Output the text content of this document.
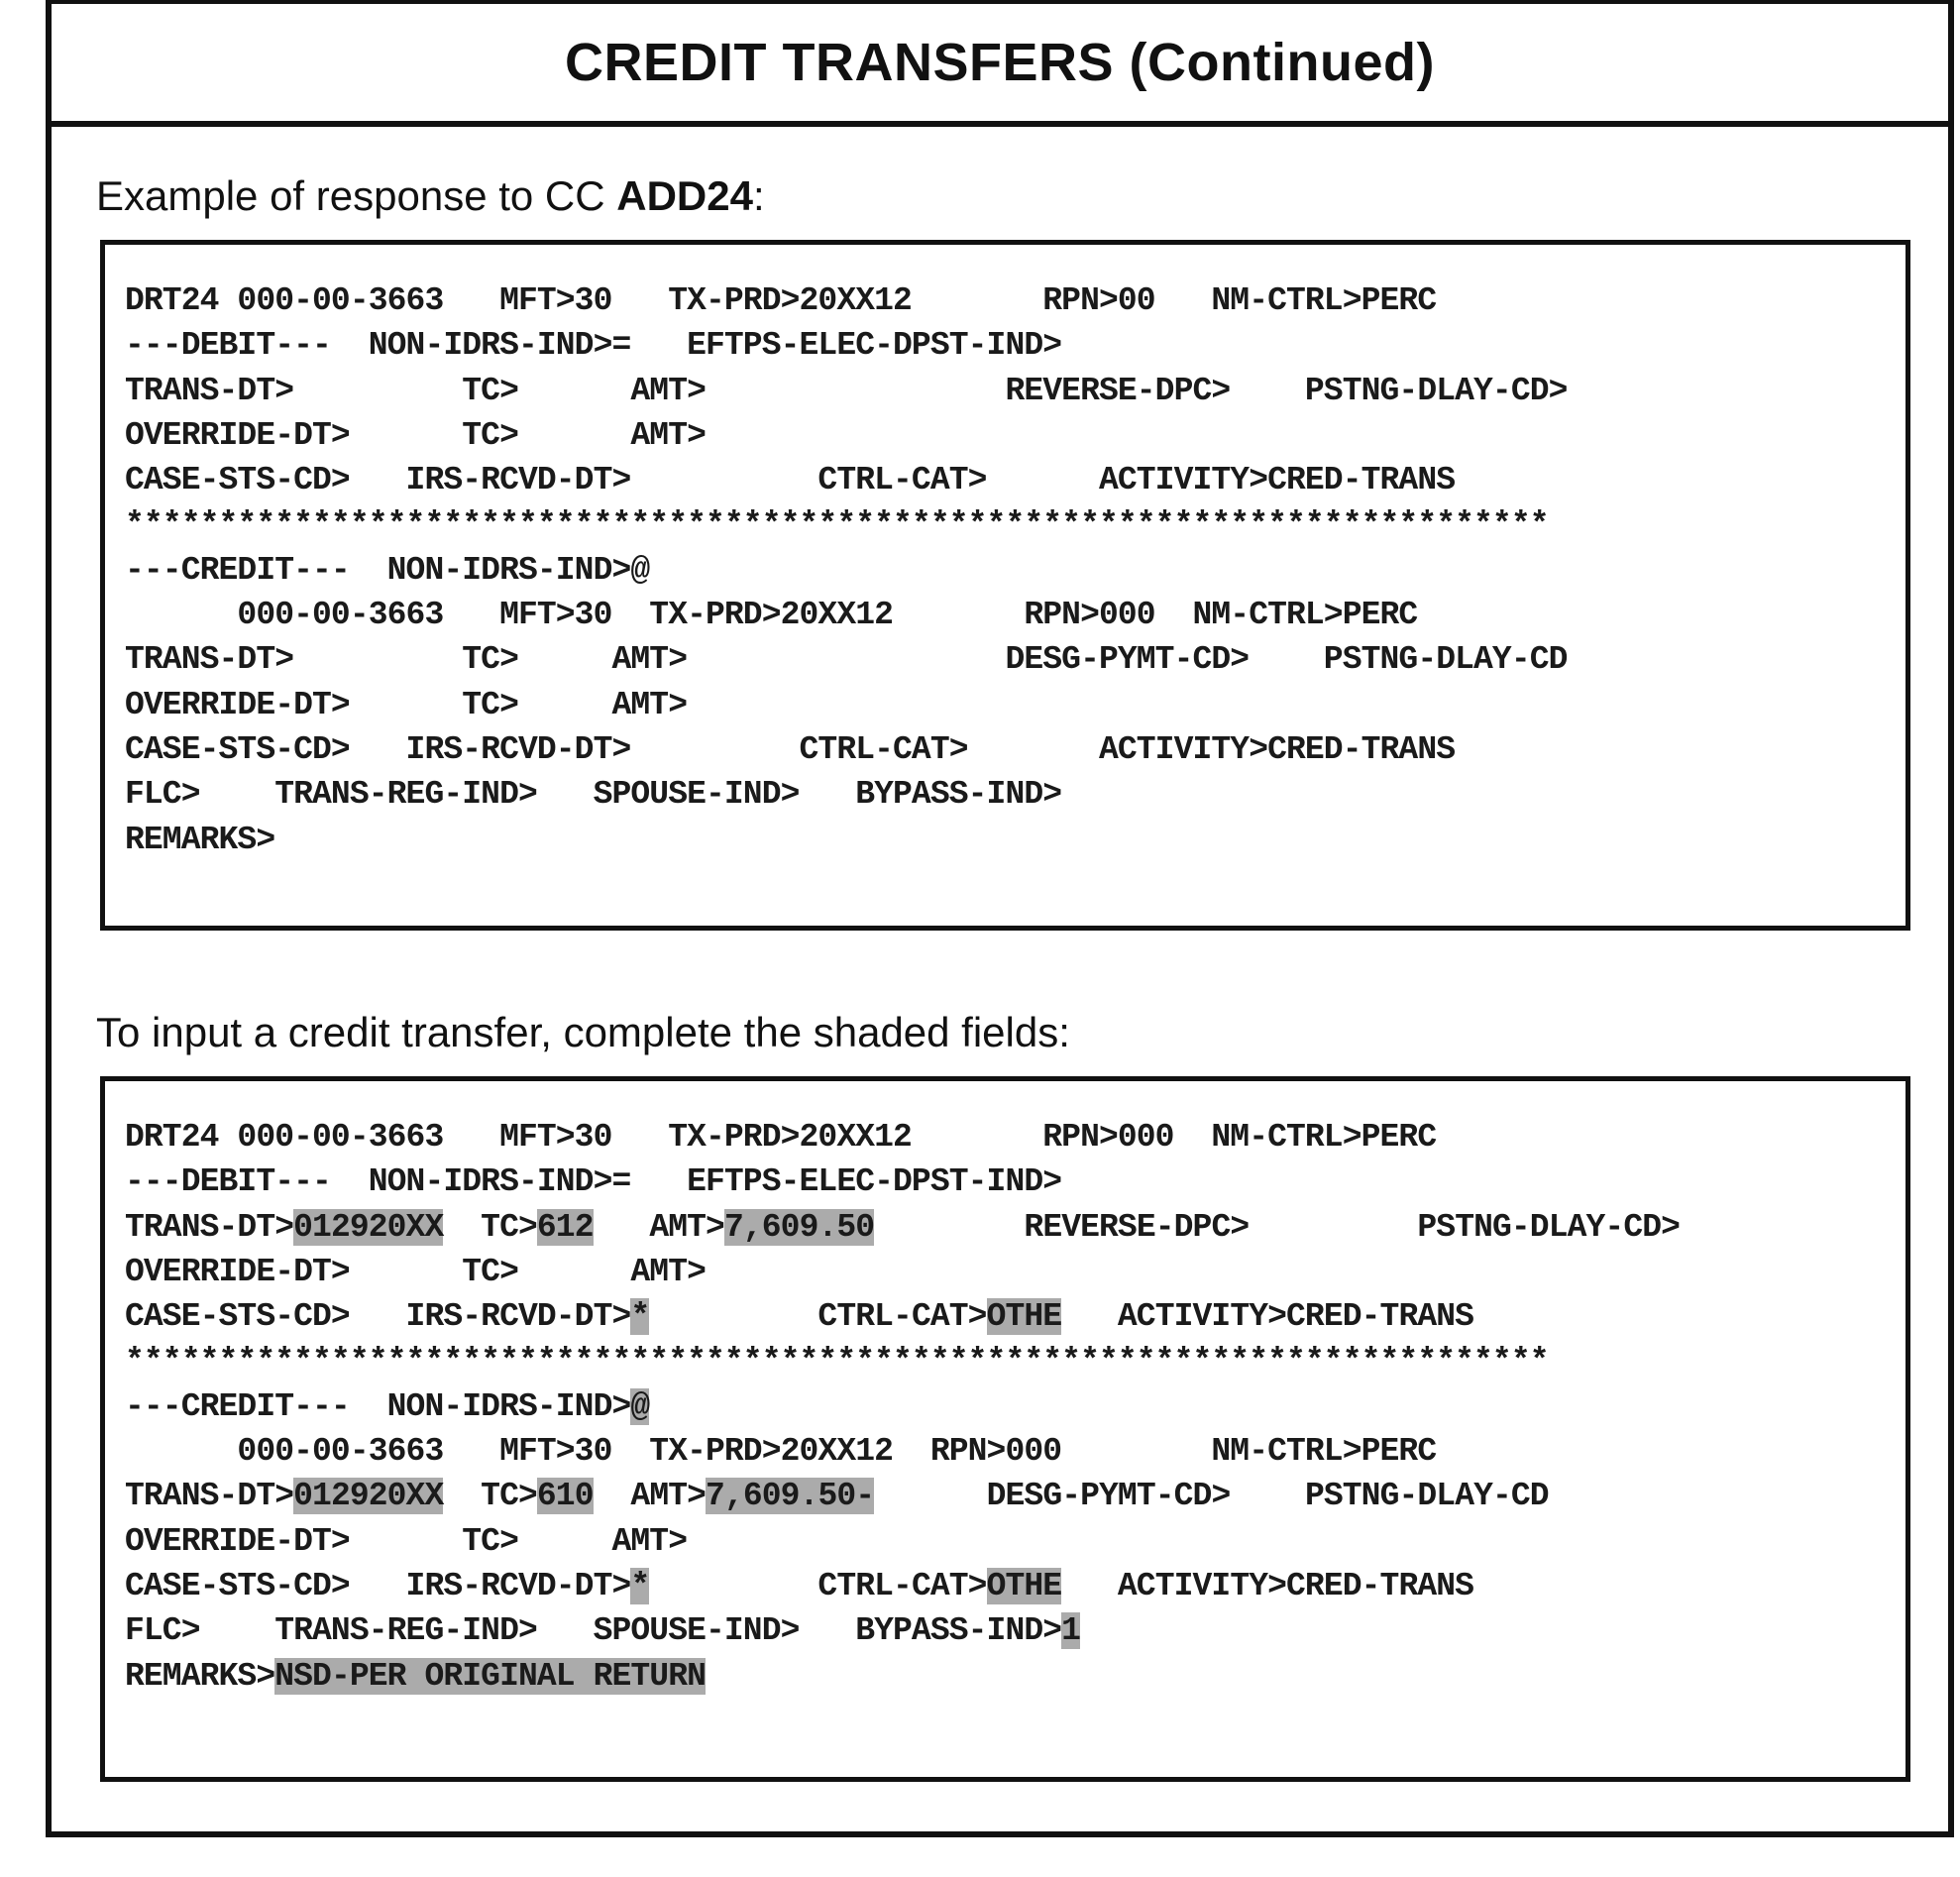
CREDIT TRANSFERS (Continued)
Example of response to CC ADD24:
DRT24 000-00-3663   MFT>30   TX-PRD>20XX12       RPN>00   NM-CTRL>PERC
---DEBIT---  NON-IDRS-IND>=   EFTPS-ELEC-DPST-IND>
TRANS-DT>         TC>      AMT>                REVERSE-DPC>    PSTNG-DLAY-CD>
OVERRIDE-DT>      TC>      AMT>
CASE-STS-CD>   IRS-RCVD-DT>          CTRL-CAT>      ACTIVITY>CRED-TRANS
****************************************************************************
---CREDIT---  NON-IDRS-IND>@
000-00-3663   MFT>30  TX-PRD>20XX12       RPN>000  NM-CTRL>PERC
TRANS-DT>         TC>     AMT>                 DESG-PYMT-CD>    PSTNG-DLAY-CD
OVERRIDE-DT>      TC>     AMT>
CASE-STS-CD>   IRS-RCVD-DT>         CTRL-CAT>       ACTIVITY>CRED-TRANS
FLC>    TRANS-REG-IND>   SPOUSE-IND>   BYPASS-IND>
REMARKS>
To input a credit transfer, complete the shaded fields:
DRT24 000-00-3663   MFT>30   TX-PRD>20XX12       RPN>000  NM-CTRL>PERC
---DEBIT---  NON-IDRS-IND>=   EFTPS-ELEC-DPST-IND>
TRANS-DT>012920XX  TC>612   AMT>7,609.50        REVERSE-DPC>         PSTNG-DLAY-CD>
OVERRIDE-DT>      TC>      AMT>
CASE-STS-CD>   IRS-RCVD-DT>*         CTRL-CAT>OTHE   ACTIVITY>CRED-TRANS
****************************************************************************
---CREDIT---  NON-IDRS-IND>@
000-00-3663   MFT>30  TX-PRD>20XX12  RPN>000        NM-CTRL>PERC
TRANS-DT>012920XX  TC>610  AMT>7,609.50-      DESG-PYMT-CD>    PSTNG-DLAY-CD
OVERRIDE-DT>      TC>     AMT>
CASE-STS-CD>   IRS-RCVD-DT>*         CTRL-CAT>OTHE   ACTIVITY>CRED-TRANS
FLC>    TRANS-REG-IND>   SPOUSE-IND>   BYPASS-IND>1
REMARKS>NSD-PER ORIGINAL RETURN
